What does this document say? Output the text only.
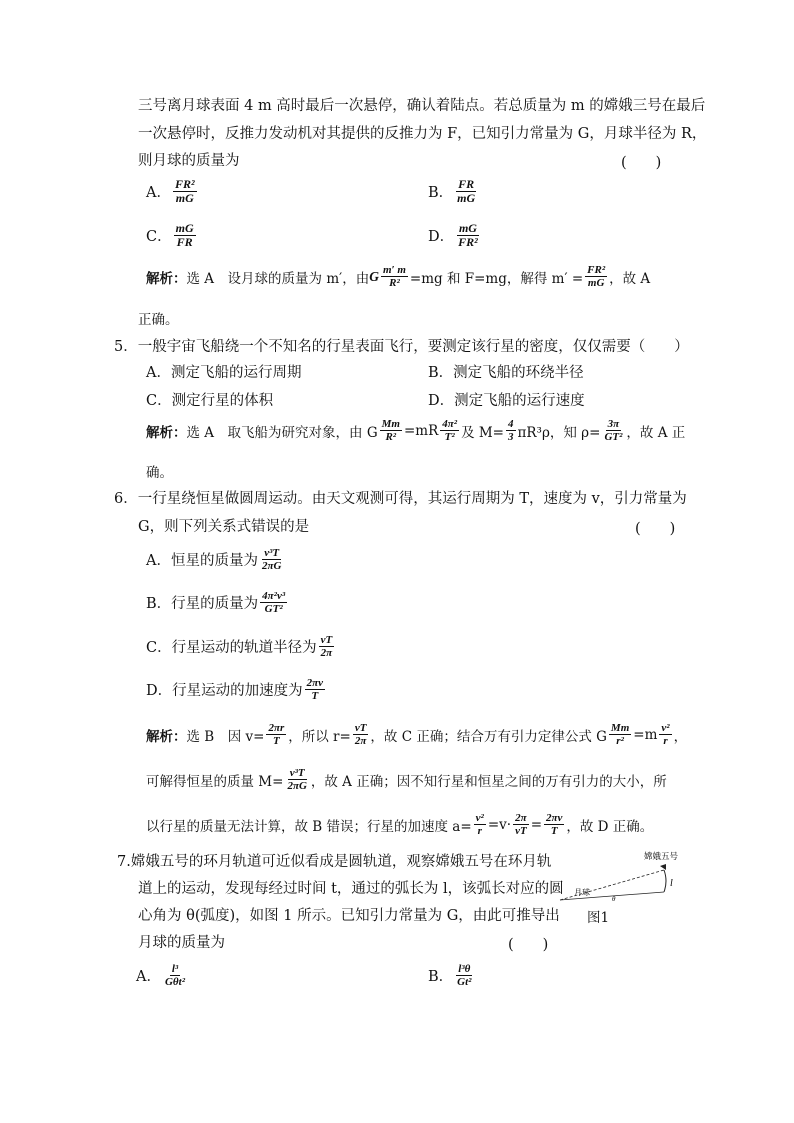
三号离月球表面 4 m 高时最后一次悬停，确认着陆点。若总质量为 m 的嫦娥三号在最后
一次悬停时，反推力发动机对其提供的反推力为 F，已知引力常量为 G，月球半径为 R，
则月球的质量为	(　　)
A． $\frac{\text{FR²}}{mG}$	B． $\frac{FR}{mG}$
C． $\frac{mG}{FR}$	D． $\frac{mG}{\text{FR²}}$
解析： 选 A　设月球的质量为 m′，由 G $\frac{m' m}{\text{R²}} =mg$ 和 F=mg，解得 $m' = \frac{\text{FR²}}{mG}$ ，故 A
正确。
5．一般宇宙飞船绕一个不知名的行星表面飞行，要测定该行星的密度，仅仅需要（　　）
A．测定飞船的运行周期	B．测定飞船的环绕半径
C．测定行星的体积	D．测定飞船的运行速度
解析： 选 A　取飞船为研究对象，由 G $\frac{Mm}{\text{R²}} =mR \frac{\text{4π²}}{\text{T²}}$ 及 $M= \frac{4}{3} \pi R^3\rho$，知 $\rho= \frac{3\pi}{\text{GT²}}$ ，故 A 正
确。
6．一行星绕恒星做圆周运动。由天文观测可得，其运行周期为 T，速度为 v，引力常量为
G，则下列关系式错误的是	(　　)
A．恒星的质量为 $\frac{\text{v³T}}{2\pi G}$
B．行星的质量为 $\frac{\text{4π²v³}}{\text{GT²}}$
C．行星运动的轨道半径为 $\frac{vT}{2\pi}$
D．行星运动的加速度为 $\frac{2\pi v}{T}$
解析： 选 B　因 $v= \frac{2\pi r}{T}$ ，所以 $r= \frac{vT}{2\pi}$ ，故 C 正确；结合万有引力定律公式 G $\frac{Mm}{\text{r²}} =m \frac{\text{v²}}{r}$ ，
可解得恒星的质量 $M= \frac{\text{v³T}}{2\pi G}$ ，故 A 正确；因不知行星和恒星之间的万有引力的大小，所
以行星的质量无法计算，故 B 错误；行星的加速度 $a= \frac{\text{v²}}{r} =v\cdot \frac{2\pi}{vT} = \frac{2\pi v}{T}$ ，故 D 正确。
7.嫦娥五号的环月轨道可近似看成是圆轨道，观察嫦娥五号在环月轨
道上的运动，发现每经过时间 t，通过的弧长为 l，该弧长对应的圆
心角为 θ(弧度)，如图 1 所示。已知引力常量为 G，由此可推导出
月球的质量为	(　　)
月球
θ
l
嫦娥五号
图1
A． $\frac{\text{l³}}{\text{Gθt²}}$	B． $\frac{\text{l³θ}}{\text{Gt²}}$
